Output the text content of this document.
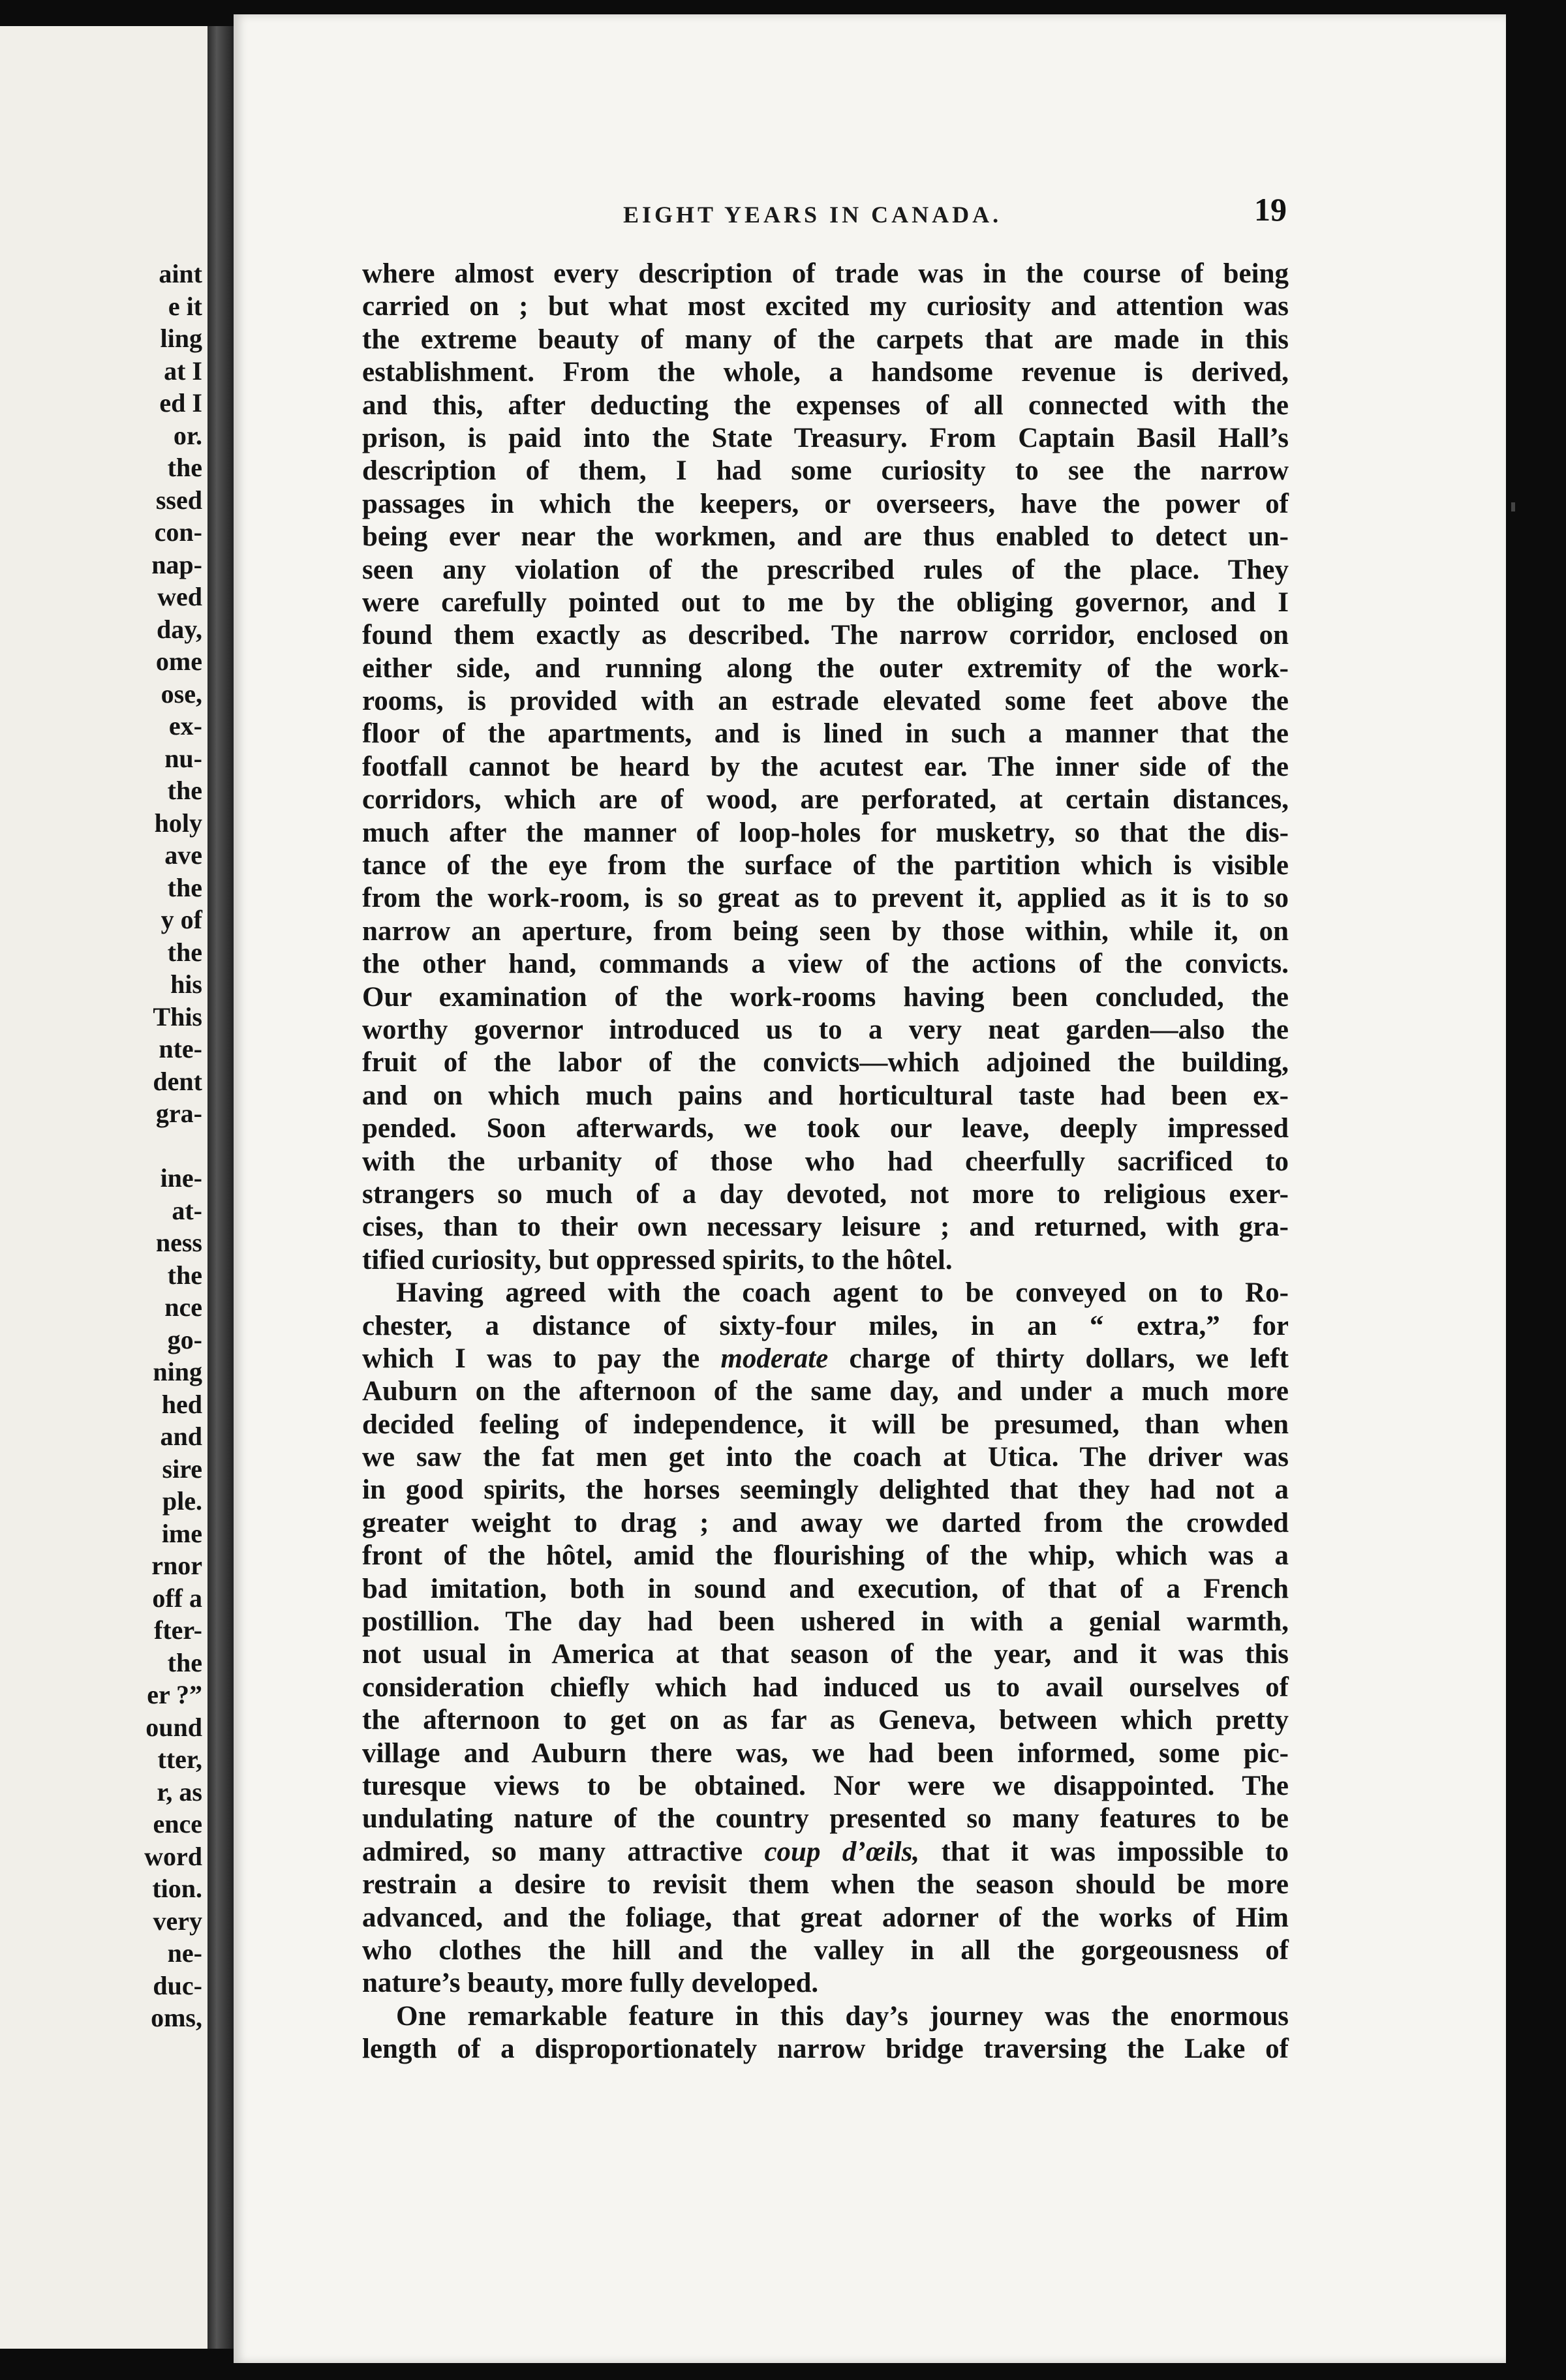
aint
e it
ling
at I
ed I
or.
the
ssed
con-
nap-
wed
day,
ome
ose,
ex-
nu-
the
holy
ave
the
y of
the
his
This
nte-
dent
gra-
ine-
at-
ness
the
nce
go-
ning
hed
and
sire
ple.
ime
rnor
off a
fter-
the
er ?”
ound
tter,
r, as
ence
word
tion.
very
ne-
duc-
oms,
EIGHT YEARS IN CANADA.	19
where almost every description of trade was in the course of being
carried on ; but what most excited my curiosity and attention was
the extreme beauty of many of the carpets that are made in this
establishment. From the whole, a handsome revenue is derived,
and this, after deducting the expenses of all connected with the
prison, is paid into the State Treasury. From Captain Basil Hall’s
description of them, I had some curiosity to see the narrow
passages in which the keepers, or overseers, have the power of
being ever near the workmen, and are thus enabled to detect un-
seen any violation of the prescribed rules of the place. They
were carefully pointed out to me by the obliging governor, and I
found them exactly as described. The narrow corridor, enclosed on
either side, and running along the outer extremity of the work-
rooms, is provided with an estrade elevated some feet above the
floor of the apartments, and is lined in such a manner that the
footfall cannot be heard by the acutest ear. The inner side of the
corridors, which are of wood, are perforated, at certain distances,
much after the manner of loop-holes for musketry, so that the dis-
tance of the eye from the surface of the partition which is visible
from the work-room, is so great as to prevent it, applied as it is to so
narrow an aperture, from being seen by those within, while it, on
the other hand, commands a view of the actions of the convicts.
Our examination of the work-rooms having been concluded, the
worthy governor introduced us to a very neat garden—also the
fruit of the labor of the convicts—which adjoined the building,
and on which much pains and horticultural taste had been ex-
pended. Soon afterwards, we took our leave, deeply impressed
with the urbanity of those who had cheerfully sacrificed to
strangers so much of a day devoted, not more to religious exer-
cises, than to their own necessary leisure ; and returned, with gra-
tified curiosity, but oppressed spirits, to the hôtel.
Having agreed with the coach agent to be conveyed on to Ro-
chester, a distance of sixty-four miles, in an “ extra,” for
which I was to pay the moderate charge of thirty dollars, we left
Auburn on the afternoon of the same day, and under a much more
decided feeling of independence, it will be presumed, than when
we saw the fat men get into the coach at Utica. The driver was
in good spirits, the horses seemingly delighted that they had not a
greater weight to drag ; and away we darted from the crowded
front of the hôtel, amid the flourishing of the whip, which was a
bad imitation, both in sound and execution, of that of a French
postillion. The day had been ushered in with a genial warmth,
not usual in America at that season of the year, and it was this
consideration chiefly which had induced us to avail ourselves of
the afternoon to get on as far as Geneva, between which pretty
village and Auburn there was, we had been informed, some pic-
turesque views to be obtained. Nor were we disappointed. The
undulating nature of the country presented so many features to be
admired, so many attractive coup d’œils, that it was impossible to
restrain a desire to revisit them when the season should be more
advanced, and the foliage, that great adorner of the works of Him
who clothes the hill and the valley in all the gorgeousness of
nature’s beauty, more fully developed.
One remarkable feature in this day’s journey was the enormous
length of a disproportionately narrow bridge traversing the Lake of
